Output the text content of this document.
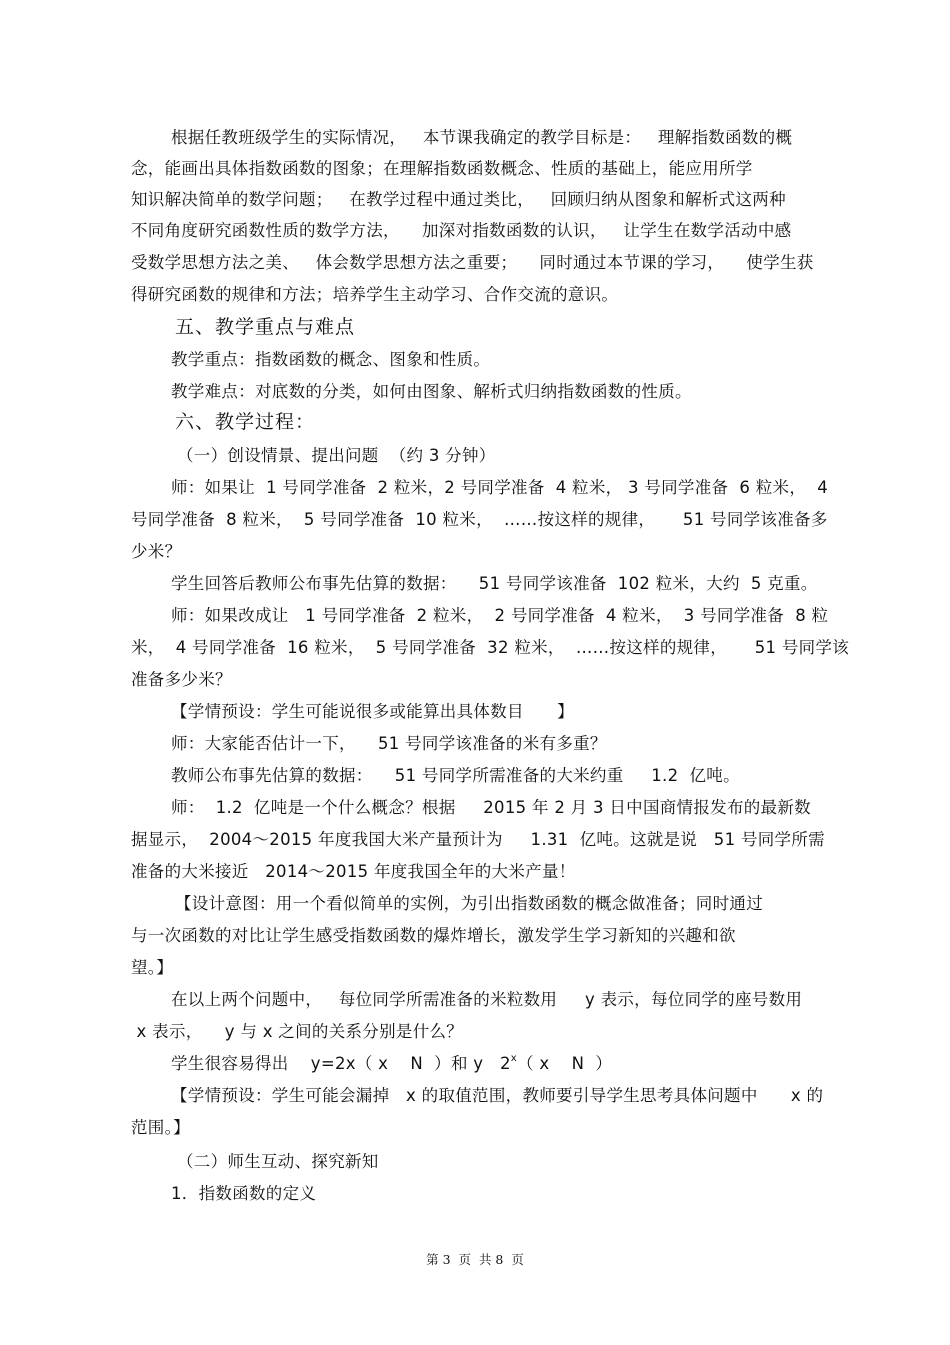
根据任教班级学生的实际情况，   本节课我确定的教学目标是：   理解指数函数的概
念，能画出具体指数函数的图象；在理解指数函数概念、性质的基础上，能应用所学
知识解决简单的数学问题；   在教学过程中通过类比，   回顾归纳从图象和解析式这两种
不同角度研究函数性质的数学方法，    加深对指数函数的认识，   让学生在数学活动中感
受数学思想方法之美、   体会数学思想方法之重要；    同时通过本节课的学习，    使学生获
得研究函数的规律和方法；培养学生主动学习、合作交流的意识。
五、教学重点与难点
教学重点：指数函数的概念、图象和性质。
教学难点：对底数的分类，如何由图象、解析式归纳指数函数的性质。
六、教学过程：
（一）创设情景、提出问题  （约 3 分钟）
师：如果让  1 号同学准备  2 粒米，2 号同学准备  4 粒米， 3 号同学准备  6 粒米，  4
号同学准备  8 粒米，  5 号同学准备  10 粒米，  ……按这样的规律，     51 号同学该准备多
少米？
学生回答后教师公布事先估算的数据：    51 号同学该准备  102 粒米，大约  5 克重。
师：如果改成让   1 号同学准备  2 粒米，  2 号同学准备  4 粒米，  3 号同学准备  8 粒
米，  4 号同学准备  16 粒米，  5 号同学准备  32 粒米，  ……按这样的规律，     51 号同学该
准备多少米？
【学情预设：学生可能说很多或能算出具体数目      】
师：大家能否估计一下，    51 号同学该准备的米有多重？
教师公布事先估算的数据：    51 号同学所需准备的大米约重     1.2  亿吨。
师：  1.2  亿吨是一个什么概念？根据     2015 年 2 月 3 日中国商情报发布的最新数
据显示，  2004～2015 年度我国大米产量预计为     1.31  亿吨。这就是说   51 号同学所需
准备的大米接近   2014～2015 年度我国全年的大米产量！
【设计意图：用一个看似简单的实例，为引出指数函数的概念做准备；同时通过
与一次函数的对比让学生感受指数函数的爆炸增长，激发学生学习新知的兴趣和欲
望。】
在以上两个问题中，   每位同学所需准备的米粒数用     y 表示，每位同学的座号数用
x 表示，    y 与 x 之间的关系分别是什么？
学生很容易得出    y=2x（ x    N  ）和 y   2$^x$（ x    N  ）
【学情预设：学生可能会漏掉   x 的取值范围，教师要引导学生思考具体问题中      x 的
范围。】
（二）师生互动、探究新知
1．指数函数的定义
第 3  页  共 8  页
